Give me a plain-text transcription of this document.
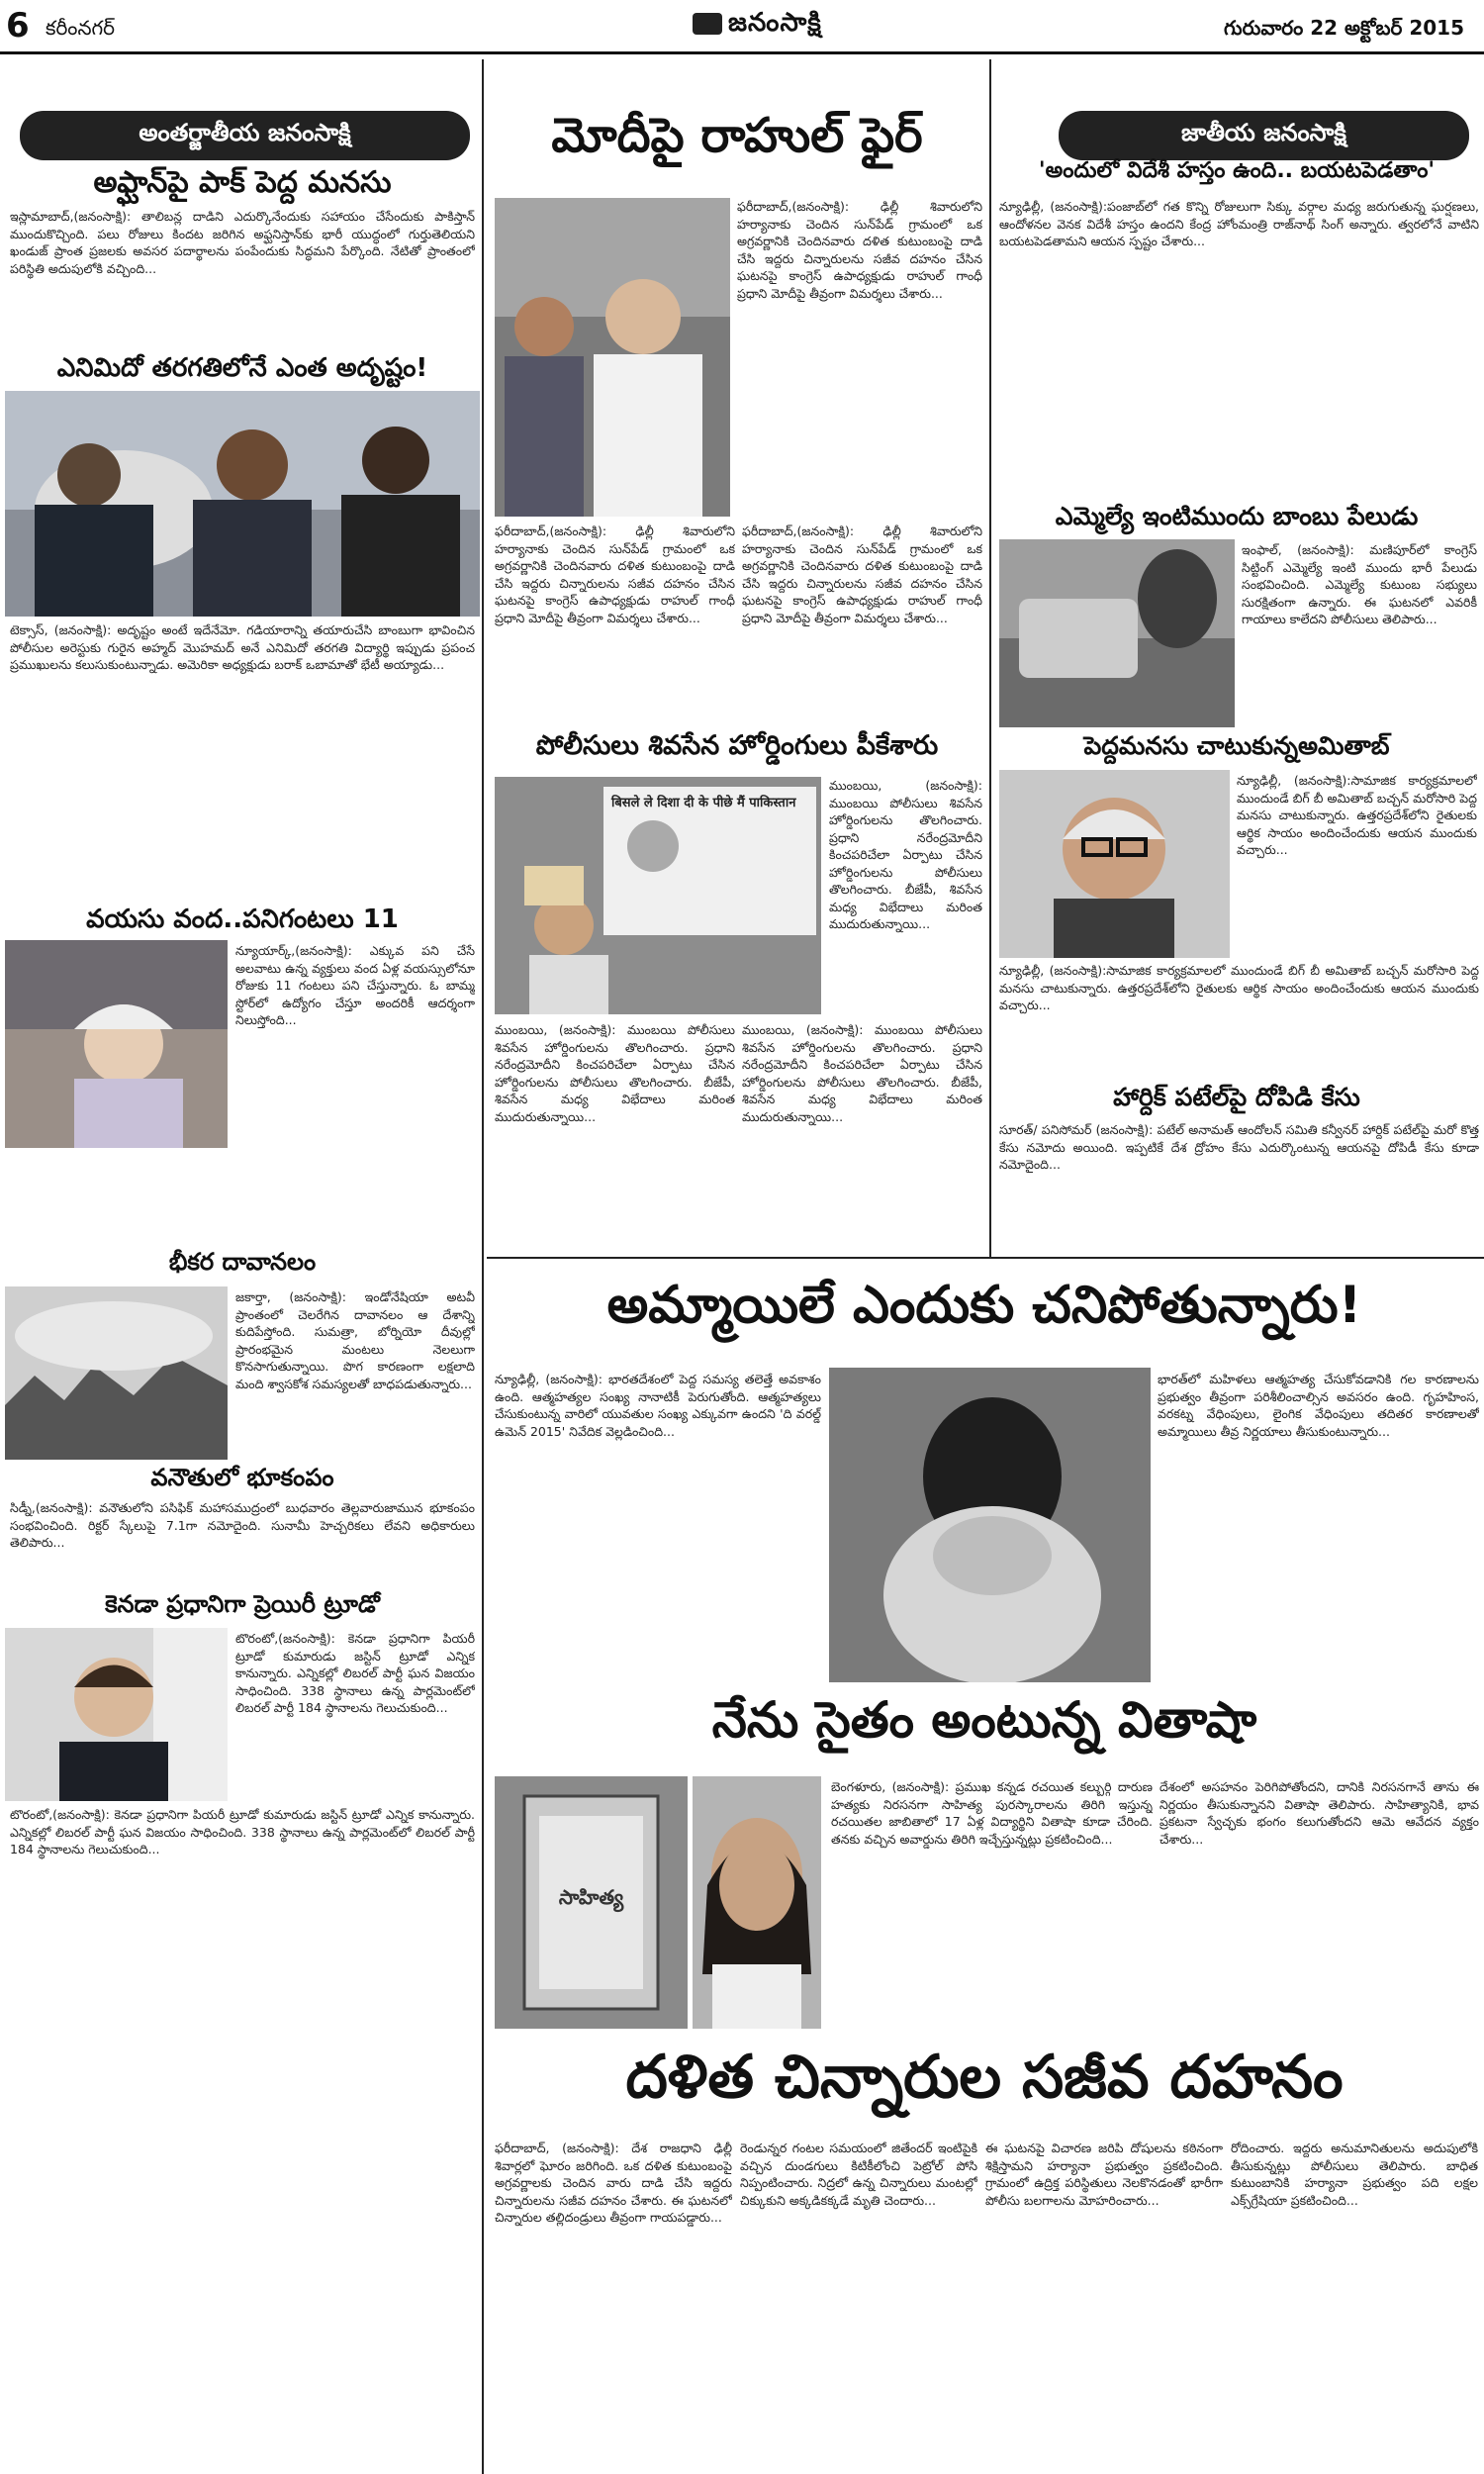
6 కరీంనగర్	జనంసాక్షి	గురువారం 22 అక్టోబర్ 2015
అంతర్జాతీయ జనంసాక్షి
అఫ్ఘాన్‌పై పాక్ పెద్ద మనసు
ఇస్లామాబాద్,(జనంసాక్షి): తాలిబన్ల దాడిని ఎదుర్కొనేందుకు సహాయం చేసేందుకు పాకిస్తాన్ ముందుకొచ్చింది. పలు రోజులు కిందట జరిగిన అఫ్ఘనిస్తాన్‌కు భారీ యుద్ధంలో గుర్తుతెలియని ఖండుజ్ ప్రాంత ప్రజలకు అవసర పదార్థాలను పంపేందుకు సిద్ధమని పేర్కొంది. నేటితో ప్రాంతంలో పరిస్థితి అదుపులోకి వచ్చింది...
ఎనిమిదో తరగతిలోనే ఎంత అదృష్టం!
టెక్సాస్, (జనంసాక్షి): అదృష్టం అంటే ఇదేనేమో. గడియారాన్ని తయారుచేసి బాంబుగా భావించిన పోలీసుల అరెస్టుకు గురైన అహ్మద్ మొహమద్ అనే ఎనిమిదో తరగతి విద్యార్థి ఇప్పుడు ప్రపంచ ప్రముఖులను కలుసుకుంటున్నాడు. అమెరికా అధ్యక్షుడు బరాక్ ఒబామాతో భేటీ అయ్యాడు...
వయసు వంద..పనిగంటలు 11
న్యూయార్క్,(జనంసాక్షి): ఎక్కువ పని చేసే అలవాటు ఉన్న వ్యక్తులు వంద ఏళ్ల వయస్సులోనూ రోజుకు 11 గంటలు పని చేస్తున్నారు. ఓ బామ్మ స్టోర్‌లో ఉద్యోగం చేస్తూ అందరికీ ఆదర్శంగా నిలుస్తోంది...
భీకర దావానలం
జకార్తా, (జనంసాక్షి): ఇండోనేషియా అటవీ ప్రాంతంలో చెలరేగిన దావానలం ఆ దేశాన్ని కుదిపేస్తోంది. సుమత్రా, బోర్నియో దీవుల్లో ప్రారంభమైన మంటలు నెలలుగా కొనసాగుతున్నాయి. పొగ కారణంగా లక్షలాది మంది శ్వాసకోశ సమస్యలతో బాధపడుతున్నారు...
వనౌతులో భూకంపం
సిడ్నీ,(జనంసాక్షి): వనౌతులోని పసిఫిక్ మహాసముద్రంలో బుధవారం తెల్లవారుజామున భూకంపం సంభవించింది. రిక్టర్ స్కేలుపై 7.1గా నమోదైంది. సునామీ హెచ్చరికలు లేవని అధికారులు తెలిపారు...
కెనడా ప్రధానిగా ప్రెయిరీ ట్రూడో
టొరంటో,(జనంసాక్షి): కెనడా ప్రధానిగా పియరీ ట్రూడో కుమారుడు జస్టిన్ ట్రూడో ఎన్నిక కానున్నారు. ఎన్నికల్లో లిబరల్ పార్టీ ఘన విజయం సాధించింది. 338 స్థానాలు ఉన్న పార్లమెంట్‌లో లిబరల్ పార్టీ 184 స్థానాలను గెలుచుకుంది...
టొరంటో,(జనంసాక్షి): కెనడా ప్రధానిగా పియరీ ట్రూడో కుమారుడు జస్టిన్ ట్రూడో ఎన్నిక కానున్నారు. ఎన్నికల్లో లిబరల్ పార్టీ ఘన విజయం సాధించింది. 338 స్థానాలు ఉన్న పార్లమెంట్‌లో లిబరల్ పార్టీ 184 స్థానాలను గెలుచుకుంది...
మోదీపై రాహుల్ ఫైర్
ఫరీదాబాద్,(జనంసాక్షి): ఢిల్లీ శివారులోని హర్యానాకు చెందిన సున్‌పేడ్ గ్రామంలో ఒక అగ్రవర్ణానికి చెందినవారు దళిత కుటుంబంపై దాడి చేసి ఇద్దరు చిన్నారులను సజీవ దహనం చేసిన ఘటనపై కాంగ్రెస్ ఉపాధ్యక్షుడు రాహుల్ గాంధీ ప్రధాని మోదీపై తీవ్రంగా విమర్శలు చేశారు...
ఫరీదాబాద్,(జనంసాక్షి): ఢిల్లీ శివారులోని హర్యానాకు చెందిన సున్‌పేడ్ గ్రామంలో ఒక అగ్రవర్ణానికి చెందినవారు దళిత కుటుంబంపై దాడి చేసి ఇద్దరు చిన్నారులను సజీవ దహనం చేసిన ఘటనపై కాంగ్రెస్ ఉపాధ్యక్షుడు రాహుల్ గాంధీ ప్రధాని మోదీపై తీవ్రంగా విమర్శలు చేశారు...
ఫరీదాబాద్,(జనంసాక్షి): ఢిల్లీ శివారులోని హర్యానాకు చెందిన సున్‌పేడ్ గ్రామంలో ఒక అగ్రవర్ణానికి చెందినవారు దళిత కుటుంబంపై దాడి చేసి ఇద్దరు చిన్నారులను సజీవ దహనం చేసిన ఘటనపై కాంగ్రెస్ ఉపాధ్యక్షుడు రాహుల్ గాంధీ ప్రధాని మోదీపై తీవ్రంగా విమర్శలు చేశారు...
పోలీసులు శివసేన హోర్డింగులు పీకేశారు
बिसले ले दिशा दी के पीछे मैं पाकिस्तान
ముంబయి, (జనంసాక్షి): ముంబయి పోలీసులు శివసేన హోర్డింగులను తొలగించారు. ప్రధాని నరేంద్రమోదీని కించపరిచేలా ఏర్పాటు చేసిన హోర్డింగులను పోలీసులు తొలగించారు. బీజేపీ, శివసేన మధ్య విభేదాలు మరింత ముదురుతున్నాయి...
ముంబయి, (జనంసాక్షి): ముంబయి పోలీసులు శివసేన హోర్డింగులను తొలగించారు. ప్రధాని నరేంద్రమోదీని కించపరిచేలా ఏర్పాటు చేసిన హోర్డింగులను పోలీసులు తొలగించారు. బీజేపీ, శివసేన మధ్య విభేదాలు మరింత ముదురుతున్నాయి...
ముంబయి, (జనంసాక్షి): ముంబయి పోలీసులు శివసేన హోర్డింగులను తొలగించారు. ప్రధాని నరేంద్రమోదీని కించపరిచేలా ఏర్పాటు చేసిన హోర్డింగులను పోలీసులు తొలగించారు. బీజేపీ, శివసేన మధ్య విభేదాలు మరింత ముదురుతున్నాయి...
జాతీయ జనంసాక్షి
'అందులో విదేశీ హస్తం ఉంది.. బయటపెడతాం'
న్యూఢిల్లీ, (జనంసాక్షి):పంజాబ్‌లో గత కొన్ని రోజులుగా సిక్కు వర్గాల మధ్య జరుగుతున్న ఘర్షణలు, ఆందోళనల వెనక విదేశీ హస్తం ఉందని కేంద్ర హోంమంత్రి రాజ్‌నాథ్ సింగ్ అన్నారు. త్వరలోనే వాటిని బయటపెడతామని ఆయన స్పష్టం చేశారు...
ఎమ్మెల్యే ఇంటిముందు బాంబు పేలుడు
ఇంఫాల్, (జనంసాక్షి): మణిపూర్‌లో కాంగ్రెస్ సిట్టింగ్ ఎమ్మెల్యే ఇంటి ముందు భారీ పేలుడు సంభవించింది. ఎమ్మెల్యే కుటుంబ సభ్యులు సురక్షితంగా ఉన్నారు. ఈ ఘటనలో ఎవరికీ గాయాలు కాలేదని పోలీసులు తెలిపారు...
పెద్దమనసు చాటుకున్నఅమితాబ్
న్యూఢిల్లీ, (జనంసాక్షి):సామాజిక కార్యక్రమాలలో ముందుండే బిగ్ బీ అమితాబ్ బచ్చన్ మరోసారి పెద్ద మనసు చాటుకున్నారు. ఉత్తరప్రదేశ్‌లోని రైతులకు ఆర్థిక సాయం అందించేందుకు ఆయన ముందుకు వచ్చారు...
న్యూఢిల్లీ, (జనంసాక్షి):సామాజిక కార్యక్రమాలలో ముందుండే బిగ్ బీ అమితాబ్ బచ్చన్ మరోసారి పెద్ద మనసు చాటుకున్నారు. ఉత్తరప్రదేశ్‌లోని రైతులకు ఆర్థిక సాయం అందించేందుకు ఆయన ముందుకు వచ్చారు...
హార్దిక్ పటేల్‌పై దోపిడి కేసు
సూరత్/ పనిసోమర్ (జనంసాక్షి): పటేల్ అనామత్ ఆందోలన్ సమితి కన్వీనర్ హార్దిక్ పటేల్‌పై మరో కొత్త కేసు నమోదు అయింది. ఇప్పటికే దేశ ద్రోహం కేసు ఎదుర్కొంటున్న ఆయనపై దోపిడీ కేసు కూడా నమోదైంది...
అమ్మాయిలే ఎందుకు చనిపోతున్నారు!
న్యూఢిల్లీ, (జనంసాక్షి): భారతదేశంలో పెద్ద సమస్య తలెత్తే అవకాశం ఉంది. ఆత్మహత్యల సంఖ్య నానాటికీ పెరుగుతోంది. ఆత్మహత్యలు చేసుకుంటున్న వారిలో యువతుల సంఖ్య ఎక్కువగా ఉందని 'ది వరల్డ్ ఉమెన్ 2015' నివేదిక వెల్లడించింది...
భారత్‌లో మహిళలు ఆత్మహత్య చేసుకోవడానికి గల కారణాలను ప్రభుత్వం తీవ్రంగా పరిశీలించాల్సిన అవసరం ఉంది. గృహహింస, వరకట్న వేధింపులు, లైంగిక వేధింపులు తదితర కారణాలతో అమ్మాయిలు తీవ్ర నిర్ణయాలు తీసుకుంటున్నారు...
నేను సైతం అంటున్న వితాషా
సాహిత్య
బెంగళూరు, (జనంసాక్షి): ప్రముఖ కన్నడ రచయిత కల్బుర్గి దారుణ హత్యకు నిరసనగా సాహిత్య పురస్కారాలను తిరిగి ఇస్తున్న రచయితల జాబితాలో 17 ఏళ్ల విద్యార్థిని వితాషా కూడా చేరింది. తనకు వచ్చిన అవార్డును తిరిగి ఇచ్చేస్తున్నట్లు ప్రకటించింది...
దేశంలో అసహనం పెరిగిపోతోందని, దానికి నిరసనగానే తాను ఈ నిర్ణయం తీసుకున్నానని వితాషా తెలిపారు. సాహిత్యానికి, భావ ప్రకటనా స్వేచ్ఛకు భంగం కలుగుతోందని ఆమె ఆవేదన వ్యక్తం చేశారు...
దళిత చిన్నారుల సజీవ దహనం
ఫరీదాబాద్, (జనంసాక్షి): దేశ రాజధాని ఢిల్లీ శివార్లలో ఘోరం జరిగింది. ఒక దళిత కుటుంబంపై అగ్రవర్ణాలకు చెందిన వారు దాడి చేసి ఇద్దరు చిన్నారులను సజీవ దహనం చేశారు. ఈ ఘటనలో చిన్నారుల తల్లిదండ్రులు తీవ్రంగా గాయపడ్డారు...
రెండున్నర గంటల సమయంలో జితేందర్ ఇంటిపైకి వచ్చిన దుండగులు కిటికీలోంచి పెట్రోల్ పోసి నిప్పంటించారు. నిద్రలో ఉన్న చిన్నారులు మంటల్లో చిక్కుకుని అక్కడికక్కడే మృతి చెందారు...
ఈ ఘటనపై విచారణ జరిపి దోషులను కఠినంగా శిక్షిస్తామని హర్యానా ప్రభుత్వం ప్రకటించింది. గ్రామంలో ఉద్రిక్త పరిస్థితులు నెలకొనడంతో భారీగా పోలీసు బలగాలను మోహరించారు...
రోదించారు. ఇద్దరు అనుమానితులను అదుపులోకి తీసుకున్నట్లు పోలీసులు తెలిపారు. బాధిత కుటుంబానికి హర్యానా ప్రభుత్వం పది లక్షల ఎక్స్‌గ్రేషియా ప్రకటించింది...
